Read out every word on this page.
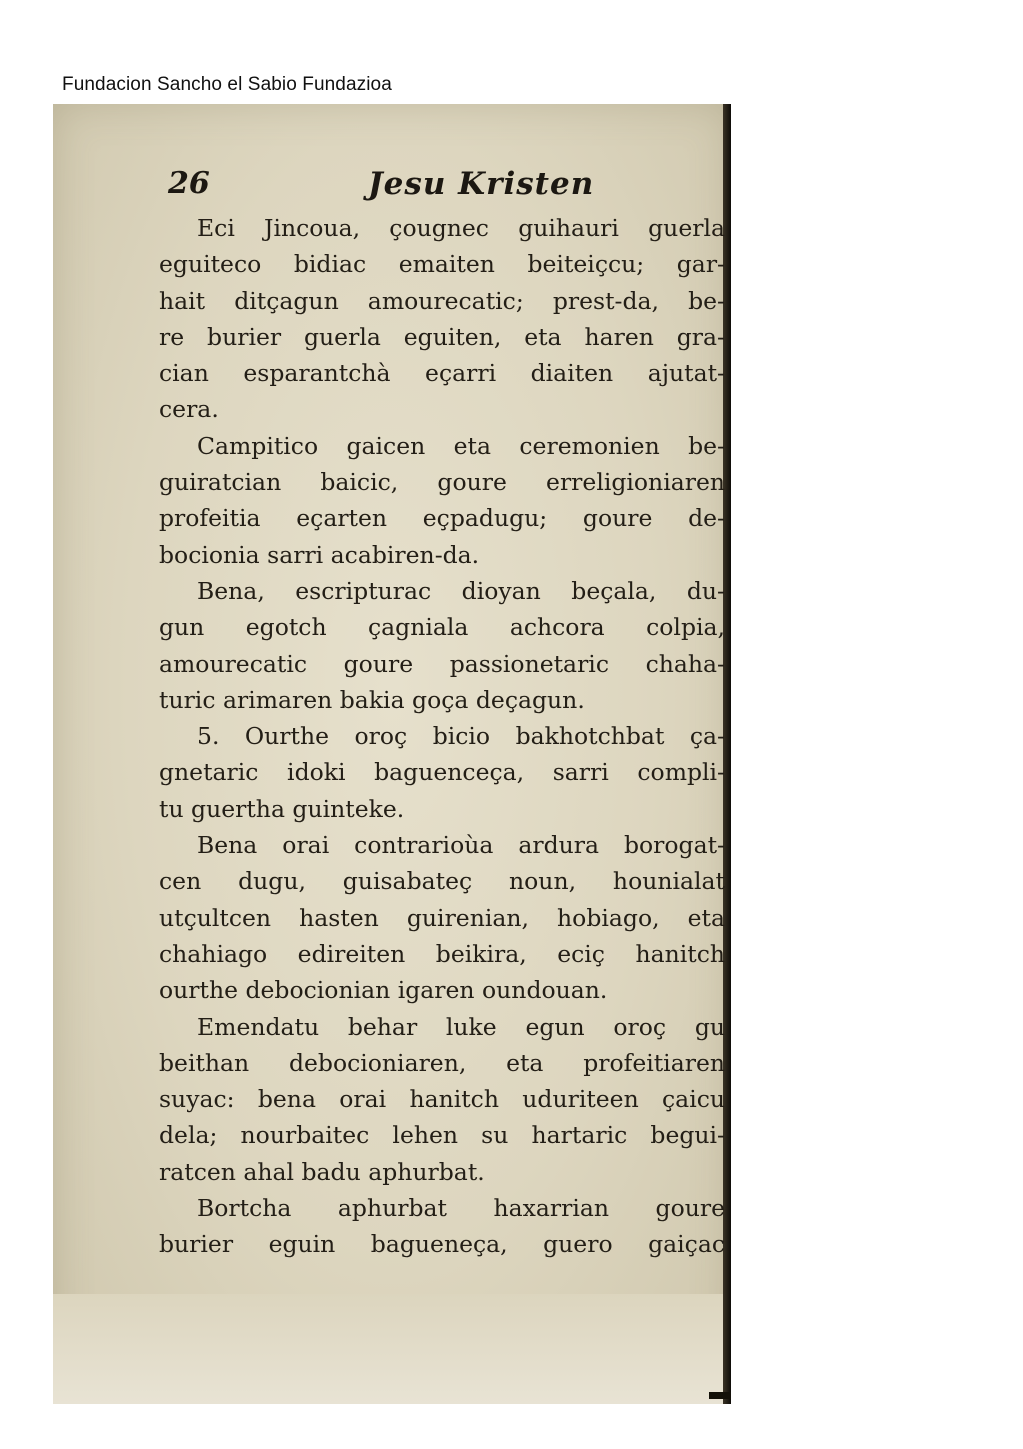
Fundacion Sancho el Sabio Fundazioa
26	Jesu Kristen
Eci Jincoua, çougnec guihauri guerla
eguiteco bidiac emaiten beiteiçcu; gar-
hait ditçagun amourecatic; prest-da, be-
re burier guerla eguiten, eta haren gra-
cian esparantchà eçarri diaiten ajutat-
cera.
Campitico gaicen eta ceremonien be-
guiratcian baicic, goure erreligioniaren
profeitia eçarten eçpadugu; goure de-
bocionia sarri acabiren-da.
Bena, escripturac dioyan beçala, du-
gun egotch çagniala achcora colpia,
amourecatic goure passionetaric chaha-
turic arimaren bakia goça deçagun.
5. Ourthe oroç bicio bakhotchbat ça-
gnetaric idoki baguenceça, sarri compli-
tu guertha guinteke.
Bena orai contrarioùa ardura borogat-
cen dugu, guisabateç noun, hounialat
utçultcen hasten guirenian, hobiago, eta
chahiago edireiten beikira, eciç hanitch
ourthe debocionian igaren oundouan.
Emendatu behar luke egun oroç gu
beithan debocioniaren, eta profeitiaren
suyac: bena orai hanitch uduriteen çaicu
dela; nourbaitec lehen su hartaric begui-
ratcen ahal badu aphurbat.
Bortcha aphurbat haxarrian goure
burier eguin bagueneça, guero gaiçac
